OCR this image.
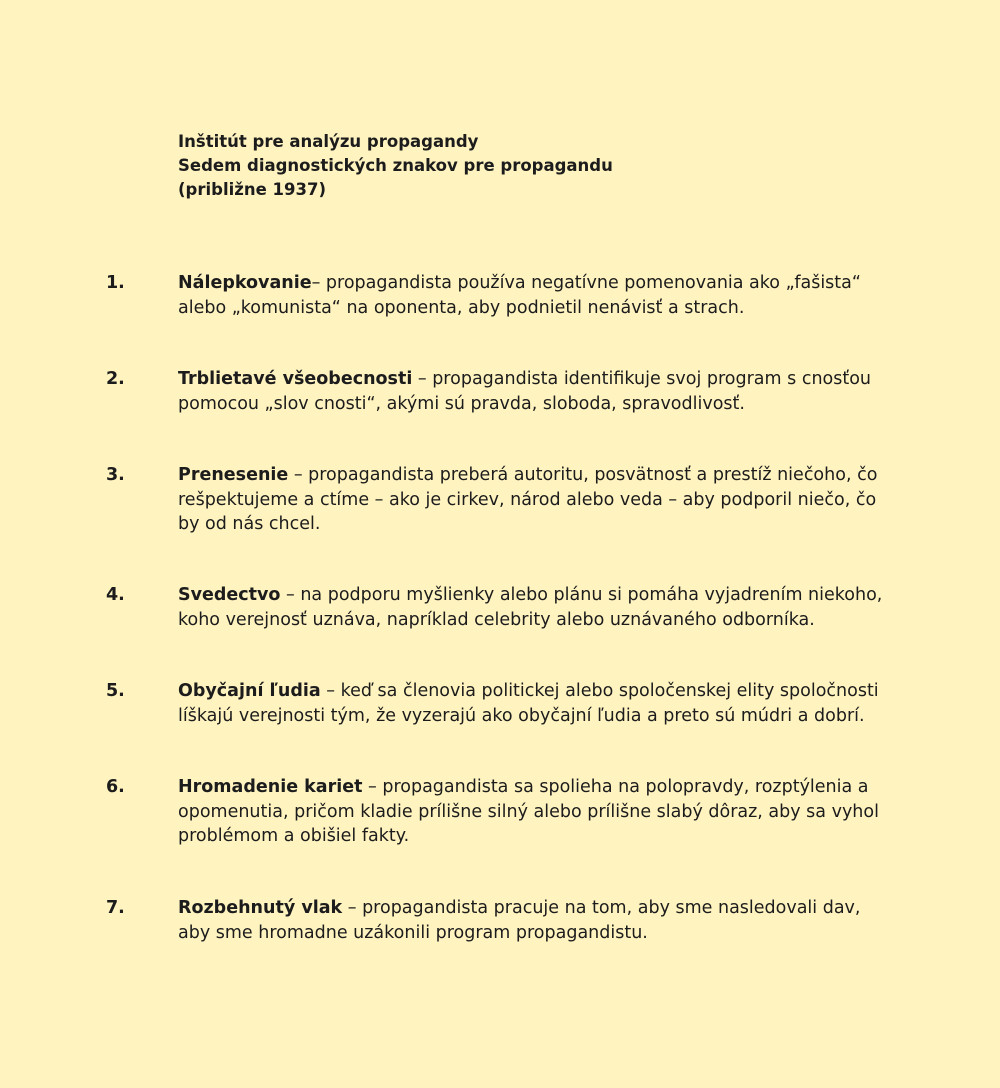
Inštitút pre analýzu propagandy
Sedem diagnostických znakov pre propagandu
(približne 1937)
1.	Nálepkovanie– propagandista používa negatívne pomenovania ako „fašista“ alebo „komunista“ na oponenta, aby podnietil nenávisť a strach.
2.	Trblietavé všeobecnosti – propagandista identifikuje svoj program s cnosťou pomocou „slov cnosti“, akými sú pravda, sloboda, spravodlivosť.
3.	Prenesenie – propagandista preberá autoritu, posvätnosť a prestíž niečoho, čo rešpektujeme a ctíme – ako je cirkev, národ alebo veda – aby podporil niečo, čo by od nás chcel.
4.	Svedectvo – na podporu myšlienky alebo plánu si pomáha vyjadrením niekoho, koho verejnosť uznáva, napríklad celebrity alebo uznávaného odborníka.
5.	Obyčajní ľudia – keď sa členovia politickej alebo spoločenskej elity spoločnosti líškajú verejnosti tým, že vyzerajú ako obyčajní ľudia a preto sú múdri a dobrí.
6.	Hromadenie kariet – propagandista sa spolieha na polopravdy, rozptýlenia a opomenutia, pričom kladie prílišne silný alebo prílišne slabý dôraz, aby sa vyhol problémom a obišiel fakty.
7.	Rozbehnutý vlak – propagandista pracuje na tom, aby sme nasledovali dav, aby sme hromadne uzákonili program propagandistu.
